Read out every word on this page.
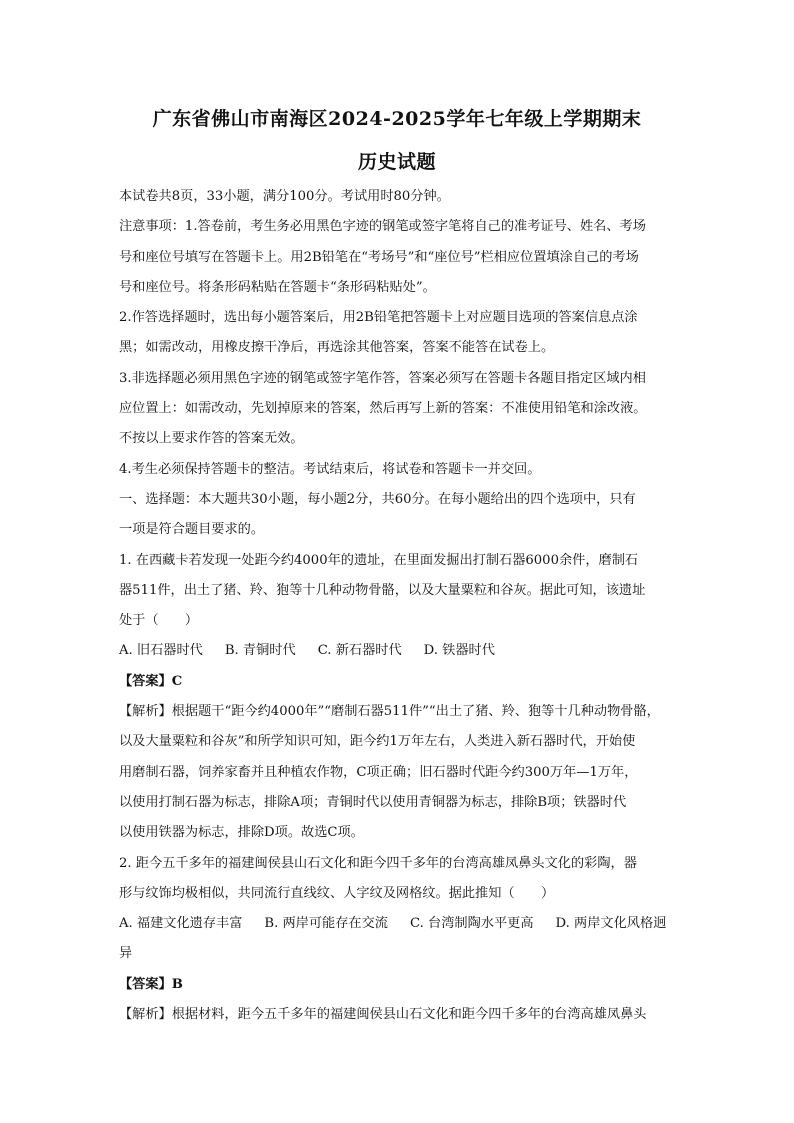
广东省佛山市南海区2024-2025学年七年级上学期期末
历史试题

本试卷共8页，33小题，满分100分。考试用时80分钟。

注意事项：1.答卷前，考生务必用黑色字迹的钢笔或签字笔将自己的准考证号、姓名、考场

号和座位号填写在答题卡上。用2B铅笔在“考场号”和“座位号”栏相应位置填涂自己的考场

号和座位号。将条形码粘贴在答题卡“条形码粘贴处”。

2.作答选择题时，选出每小题答案后，用2B铅笔把答题卡上对应题目选项的答案信息点涂

黑；如需改动，用橡皮擦干净后，再选涂其他答案，答案不能答在试卷上。

3.非选择题必须用黑色字迹的钢笔或签字笔作答，答案必须写在答题卡各题目指定区域内相

应位置上：如需改动，先划掉原来的答案，然后再写上新的答案：不准使用铅笔和涂改液。

不按以上要求作答的答案无效。

4.考生必须保持答题卡的整洁。考试结束后，将试卷和答题卡一并交回。

一、选择题：本大题共30小题，每小题2分，共60分。在每小题给出的四个选项中，只有

一项是符合题目要求的。

1. 在西藏卡若发现一处距今约4000年的遗址，在里面发掘出打制石器6000余件，磨制石

器511件，出土了猪、羚、狍等十几种动物骨骼，以及大量粟粒和谷灰。据此可知，该遗址

处于（　　）

A. 旧石器时代 B. 青铜时代 C. 新石器时代 D. 铁器时代

【答案】C

【解析】根据题干“距今约4000年”“磨制石器511件”“出土了猪、羚、狍等十几种动物骨骼，

以及大量粟粒和谷灰”和所学知识可知，距今约1万年左右，人类进入新石器时代，开始使

用磨制石器，饲养家畜并且种植农作物，C项正确；旧石器时代距今约300万年—1万年，

以使用打制石器为标志，排除A项；青铜时代以使用青铜器为标志，排除B项；铁器时代

以使用铁器为标志，排除D项。故选C项。

2. 距今五千多年的福建闽侯县山石文化和距今四千多年的台湾高雄凤鼻头文化的彩陶，器

形与纹饰均极相似，共同流行直线纹、人字纹及网格纹。据此推知（　　）

A. 福建文化遗存丰富 B. 两岸可能存在交流 C. 台湾制陶水平更高 D. 两岸文化风格迥异

【答案】B

【解析】根据材料，距今五千多年的福建闽侯县山石文化和距今四千多年的台湾高雄凤鼻头
